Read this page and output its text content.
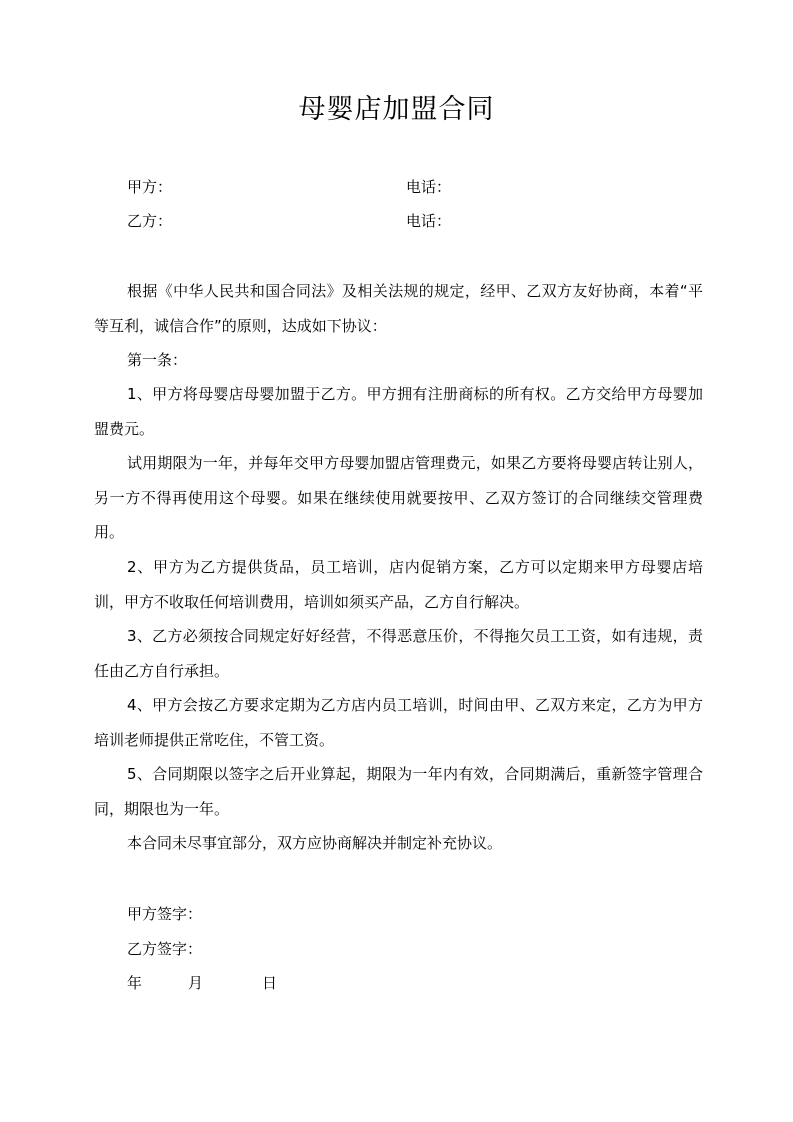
母婴店加盟合同
甲方：	电话：
乙方：	电话：
根据《中华人民共和国合同法》及相关法规的规定，经甲、乙双方友好协商，本着“平等互利，诚信合作”的原则，达成如下协议：
第一条：
1、甲方将母婴店母婴加盟于乙方。甲方拥有注册商标的所有权。乙方交给甲方母婴加盟费元。
试用期限为一年，并每年交甲方母婴加盟店管理费元，如果乙方要将母婴店转让别人，另一方不得再使用这个母婴。如果在继续使用就要按甲、乙双方签订的合同继续交管理费用。
2、甲方为乙方提供货品，员工培训，店内促销方案，乙方可以定期来甲方母婴店培训，甲方不收取任何培训费用，培训如须买产品，乙方自行解决。
3、乙方必须按合同规定好好经营，不得恶意压价，不得拖欠员工工资，如有违规，责任由乙方自行承担。
4、甲方会按乙方要求定期为乙方店内员工培训，时间由甲、乙双方来定，乙方为甲方培训老师提供正常吃住，不管工资。
5、合同期限以签字之后开业算起，期限为一年内有效，合同期满后，重新签字管理合同，期限也为一年。
本合同未尽事宜部分，双方应协商解决并制定补充协议。
甲方签字：
乙方签字：
年	月	日
